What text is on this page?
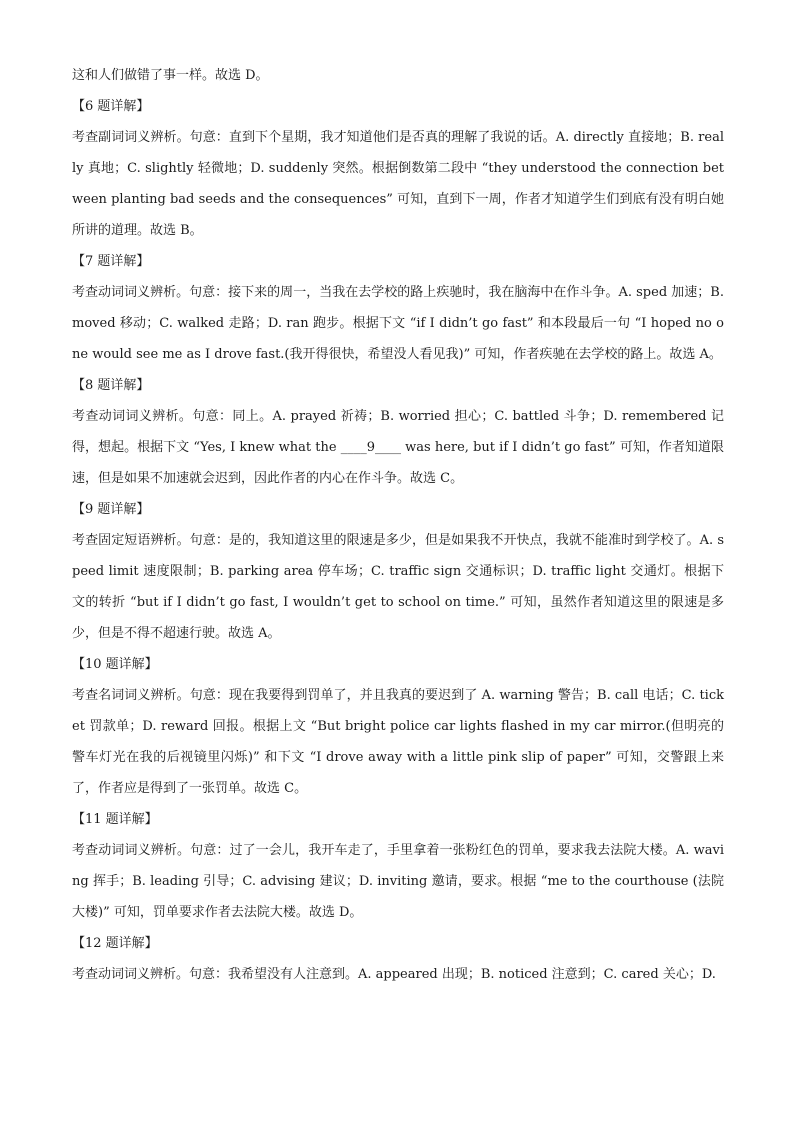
这和人们做错了事一样。故选 D。

【6 题详解】

考查副词词义辨析。句意：直到下个星期，我才知道他们是否真的理解了我说的话。A. directly 直接地；B. really 真地；C. slightly 轻微地；D. suddenly 突然。根据倒数第二段中 “they understood the connection between planting bad seeds and the consequences” 可知，直到下一周，作者才知道学生们到底有没有明白她所讲的道理。故选 B。

【7 题详解】

考查动词词义辨析。句意：接下来的周一，当我在去学校的路上疾驰时，我在脑海中在作斗争。A. sped 加速；B. moved 移动；C. walked 走路；D. ran 跑步。根据下文 “if I didn’t go fast” 和本段最后一句 “I hoped no one would see me as I drove fast.(我开得很快，希望没人看见我)” 可知，作者疾驰在去学校的路上。故选 A。

【8 题详解】

考查动词词义辨析。句意：同上。A. prayed 祈祷；B. worried 担心；C. battled 斗争；D. remembered 记得，想起。根据下文 “Yes, I knew what the ____9____ was here, but if I didn’t go fast” 可知，作者知道限速，但是如果不加速就会迟到，因此作者的内心在作斗争。故选 C。

【9 题详解】

考查固定短语辨析。句意：是的，我知道这里的限速是多少，但是如果我不开快点，我就不能准时到学校了。A. speed limit 速度限制；B. parking area 停车场；C. traffic sign 交通标识；D. traffic light 交通灯。根据下文的转折 “but if I didn’t go fast, I wouldn’t get to school on time.” 可知，虽然作者知道这里的限速是多少，但是不得不超速行驶。故选 A。

【10 题详解】

考查名词词义辨析。句意：现在我要得到罚单了，并且我真的要迟到了 A. warning 警告；B. call 电话；C. ticket 罚款单；D. reward 回报。根据上文 “But bright police car lights flashed in my car mirror.(但明亮的警车灯光在我的后视镜里闪烁)” 和下文 “I drove away with a little pink slip of paper” 可知，交警跟上来了，作者应是得到了一张罚单。故选 C。

【11 题详解】

考查动词词义辨析。句意：过了一会儿，我开车走了，手里拿着一张粉红色的罚单，要求我去法院大楼。A. waving 挥手；B. leading 引导；C. advising 建议；D. inviting 邀请，要求。根据 “me to the courthouse (法院大楼)” 可知，罚单要求作者去法院大楼。故选 D。

【12 题详解】

考查动词词义辨析。句意：我希望没有人注意到。A. appeared 出现；B. noticed 注意到；C. cared 关心；D.
